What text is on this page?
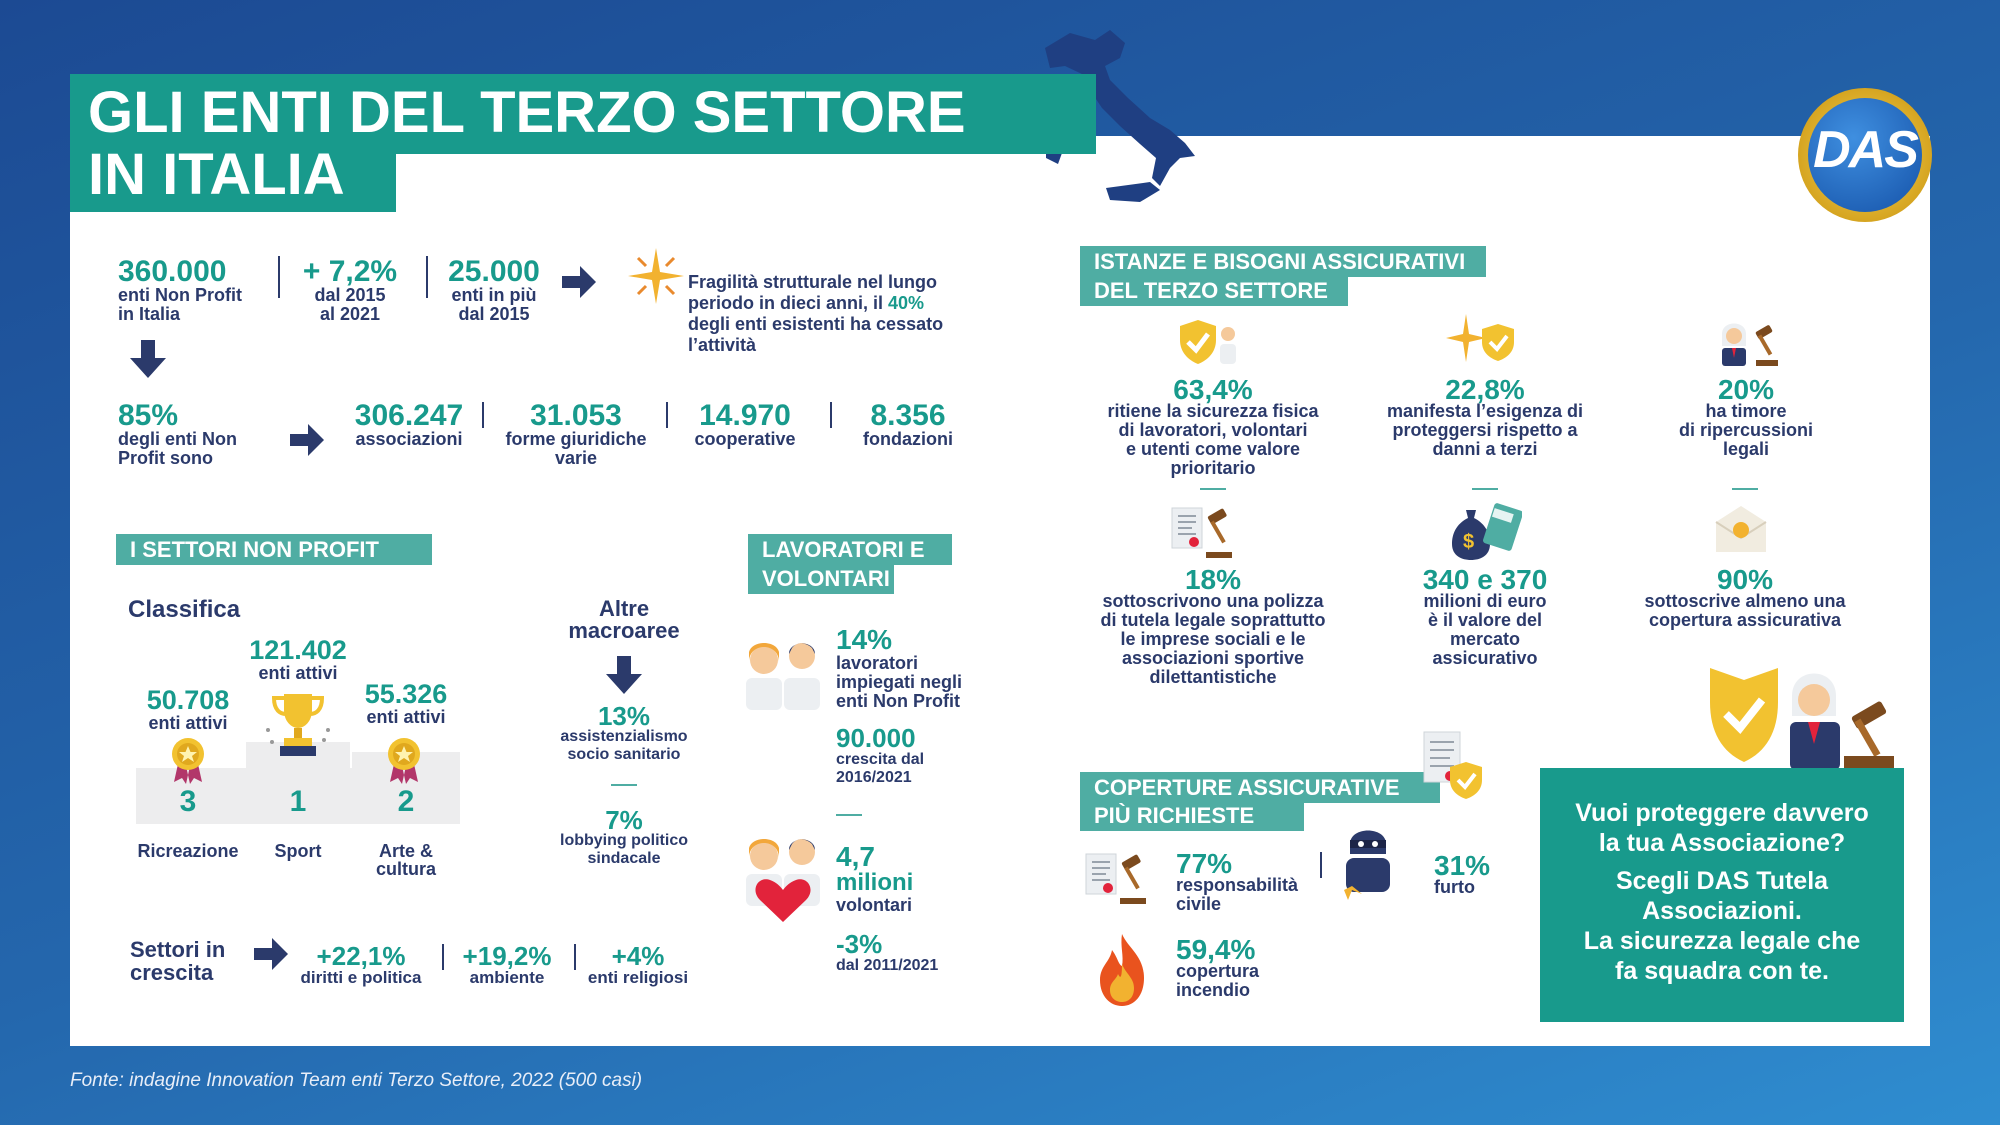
GLI ENTI DEL TERZO SETTORE
IN ITALIA	DAS
360.000
enti Non Profit
in Italia
+ 7,2%
dal 2015
al 2021
25.000
enti in più
dal 2015
Fragilità strutturale nel lungo
periodo in dieci anni, il 40%
degli enti esistenti ha cessato
l’attività
85%
degli enti Non
Profit sono
306.247
associazioni
31.053
forme giuridiche
varie
14.970
cooperative
8.356
fondazioni
I SETTORI NON PROFIT
Classifica
121.402
enti attivi
1
Sport
50.708
enti attivi
3
Ricreazione
55.326
enti attivi
2
Arte &
cultura
Altre
macroaree
13%
assistenzialismo
socio sanitario
7%
lobbying politico
sindacale
Settori in
crescita
+22,1%
diritti e politica
+19,2%
ambiente
+4%
enti religiosi
LAVORATORI E
VOLONTARI
14%
lavoratori
impiegati negli
enti Non Profit
90.000
crescita dal
2016/2021
4,7
milioni
volontari
-3%
dal 2011/2021
ISTANZE E BISOGNI ASSICURATIVI
DEL TERZO SETTORE
63,4%
ritiene la sicurezza fisica
di lavoratori, volontari
e utenti come valore
prioritario
22,8%
manifesta l’esigenza di
proteggersi rispetto a
danni a terzi
20%
ha timore
di ripercussioni
legali
$
18%
sottoscrivono una polizza
di tutela legale soprattutto
le imprese sociali e le
associazioni sportive
dilettantistiche
340 e 370
milioni di euro
è il valore del
mercato
assicurativo
90%
sottoscrive almeno una
copertura assicurativa
COPERTURE ASSICURATIVE
PIÙ RICHIESTE
77%
responsabilità
civile
31%
furto
59,4%
copertura
incendio
Vuoi proteggere davvero
la tua Associazione?
Scegli DAS Tutela
Associazioni.
La sicurezza legale che
fa squadra con te.
Fonte: indagine Innovation Team enti Terzo Settore, 2022 (500 casi)
